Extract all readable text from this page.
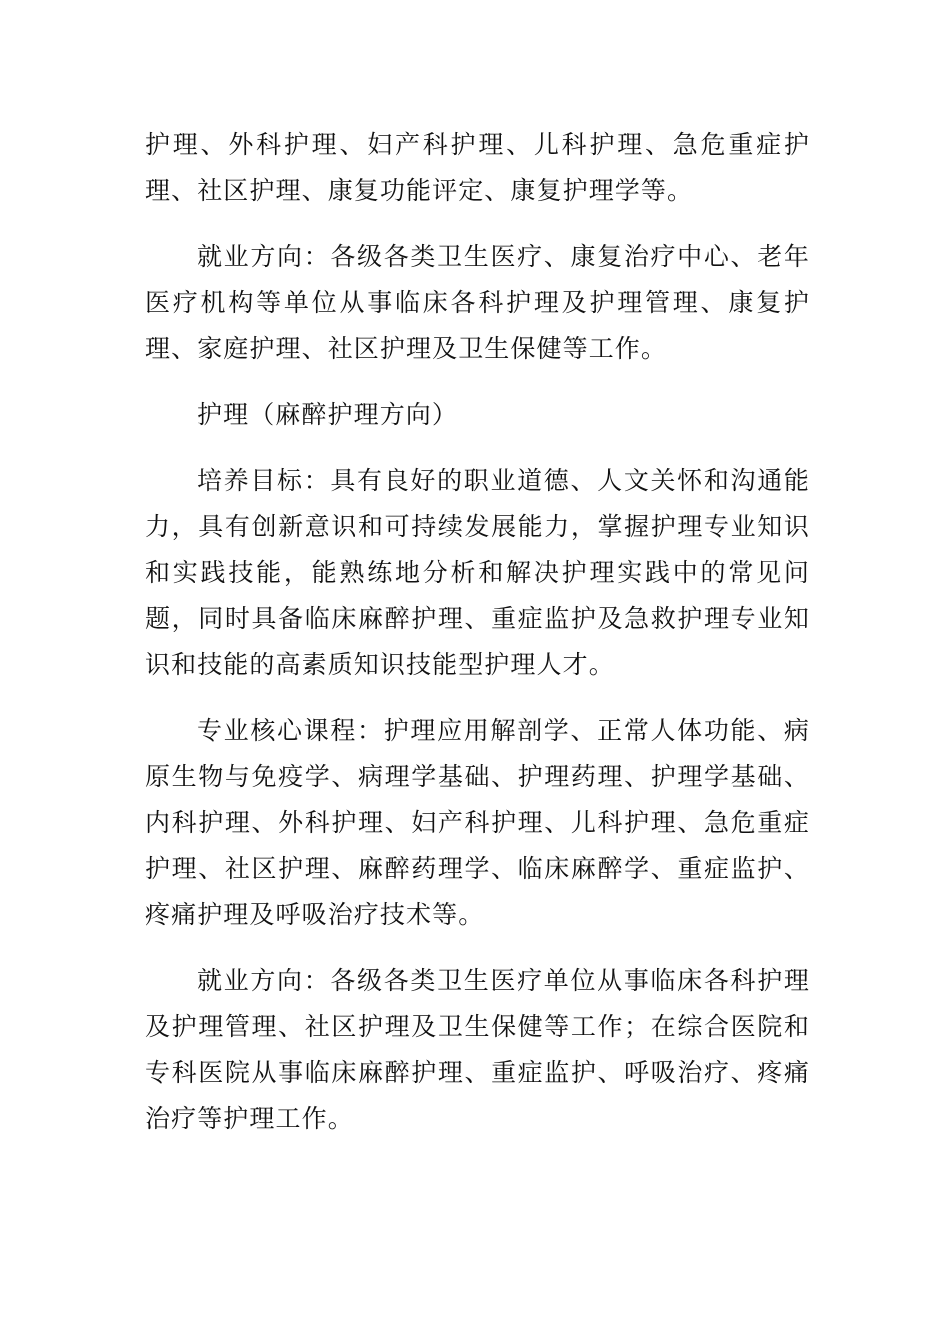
护理、外科护理、妇产科护理、儿科护理、急危重症护理、社区护理、康复功能评定、康复护理学等。

就业方向：各级各类卫生医疗、康复治疗中心、老年医疗机构等单位从事临床各科护理及护理管理、康复护理、家庭护理、社区护理及卫生保健等工作。

护理（麻醉护理方向）

培养目标：具有良好的职业道德、人文关怀和沟通能力，具有创新意识和可持续发展能力，掌握护理专业知识和实践技能，能熟练地分析和解决护理实践中的常见问题，同时具备临床麻醉护理、重症监护及急救护理专业知识和技能的高素质知识技能型护理人才。

专业核心课程：护理应用解剖学、正常人体功能、病原生物与免疫学、病理学基础、护理药理、护理学基础、内科护理、外科护理、妇产科护理、儿科护理、急危重症护理、社区护理、麻醉药理学、临床麻醉学、重症监护、疼痛护理及呼吸治疗技术等。

就业方向：各级各类卫生医疗单位从事临床各科护理及护理管理、社区护理及卫生保健等工作；在综合医院和专科医院从事临床麻醉护理、重症监护、呼吸治疗、疼痛治疗等护理工作。
